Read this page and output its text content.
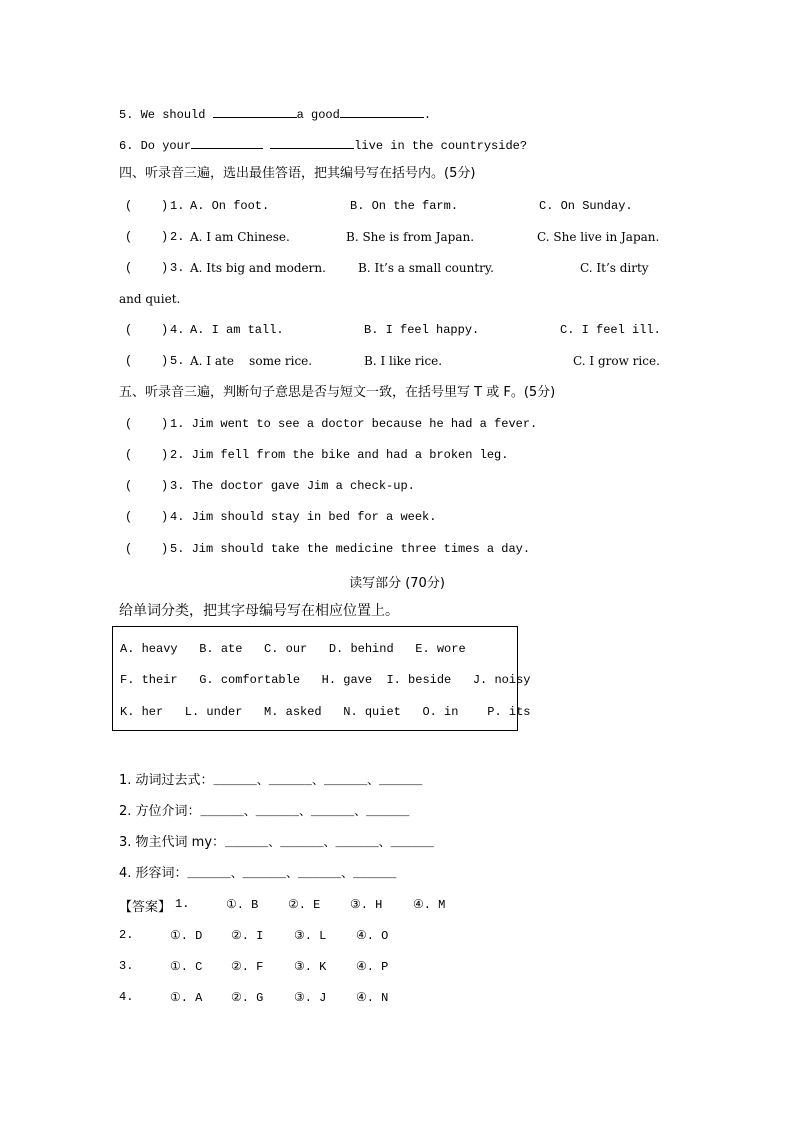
5. We should	a good	.
6. Do your	live in the countryside?
四、听录音三遍，选出最佳答语，把其编号写在括号内。(5分)
(    ) 1. A. On foot.	B. On the farm.	C. On Sunday.
(    ) 2. A. I am Chinese.	B. She is from Japan.	C. She live in Japan.
(    ) 3. A. Its big and modern.	B. It’s a small country.	C. It’s dirty
and quiet.
(    ) 4. A. I am tall.	B. I feel happy.	C. I feel ill.
(    ) 5. A. I ate    some rice.	B. I like rice.	C. I grow rice.
五、听录音三遍，判断句子意思是否与短文一致，在括号里写 T 或 F。(5分)
(    ) 1. Jim went to see a doctor because he had a fever.
(    ) 2. Jim fell from the bike and had a broken leg.
(    ) 3. The doctor gave Jim a check-up.
(    ) 4. Jim should stay in bed for a week.
(    ) 5. Jim should take the medicine three times a day.
读写部分 (70分)
给单词分类，把其字母编号写在相应位置上。
A. heavy   B. ate   C. our   D. behind   E. wore
F. their   G. comfortable   H. gave  I. beside   J. noisy
K. her   L. under   M. asked   N. quiet   O. in    P. its
1. 动词过去式：______、______、______、______
2. 方位介词：______、______、______、______
3. 物主代词 my：______、______、______、______
4. 形容词：______、______、______、______
【答案】 1.	①. B ②. E ③. H	④. M
2.	①. D ②. I	③. L ④. O
3.	①. C ②. F	③. K ④. P
4.	①. A ②. G	③. J ④. N
